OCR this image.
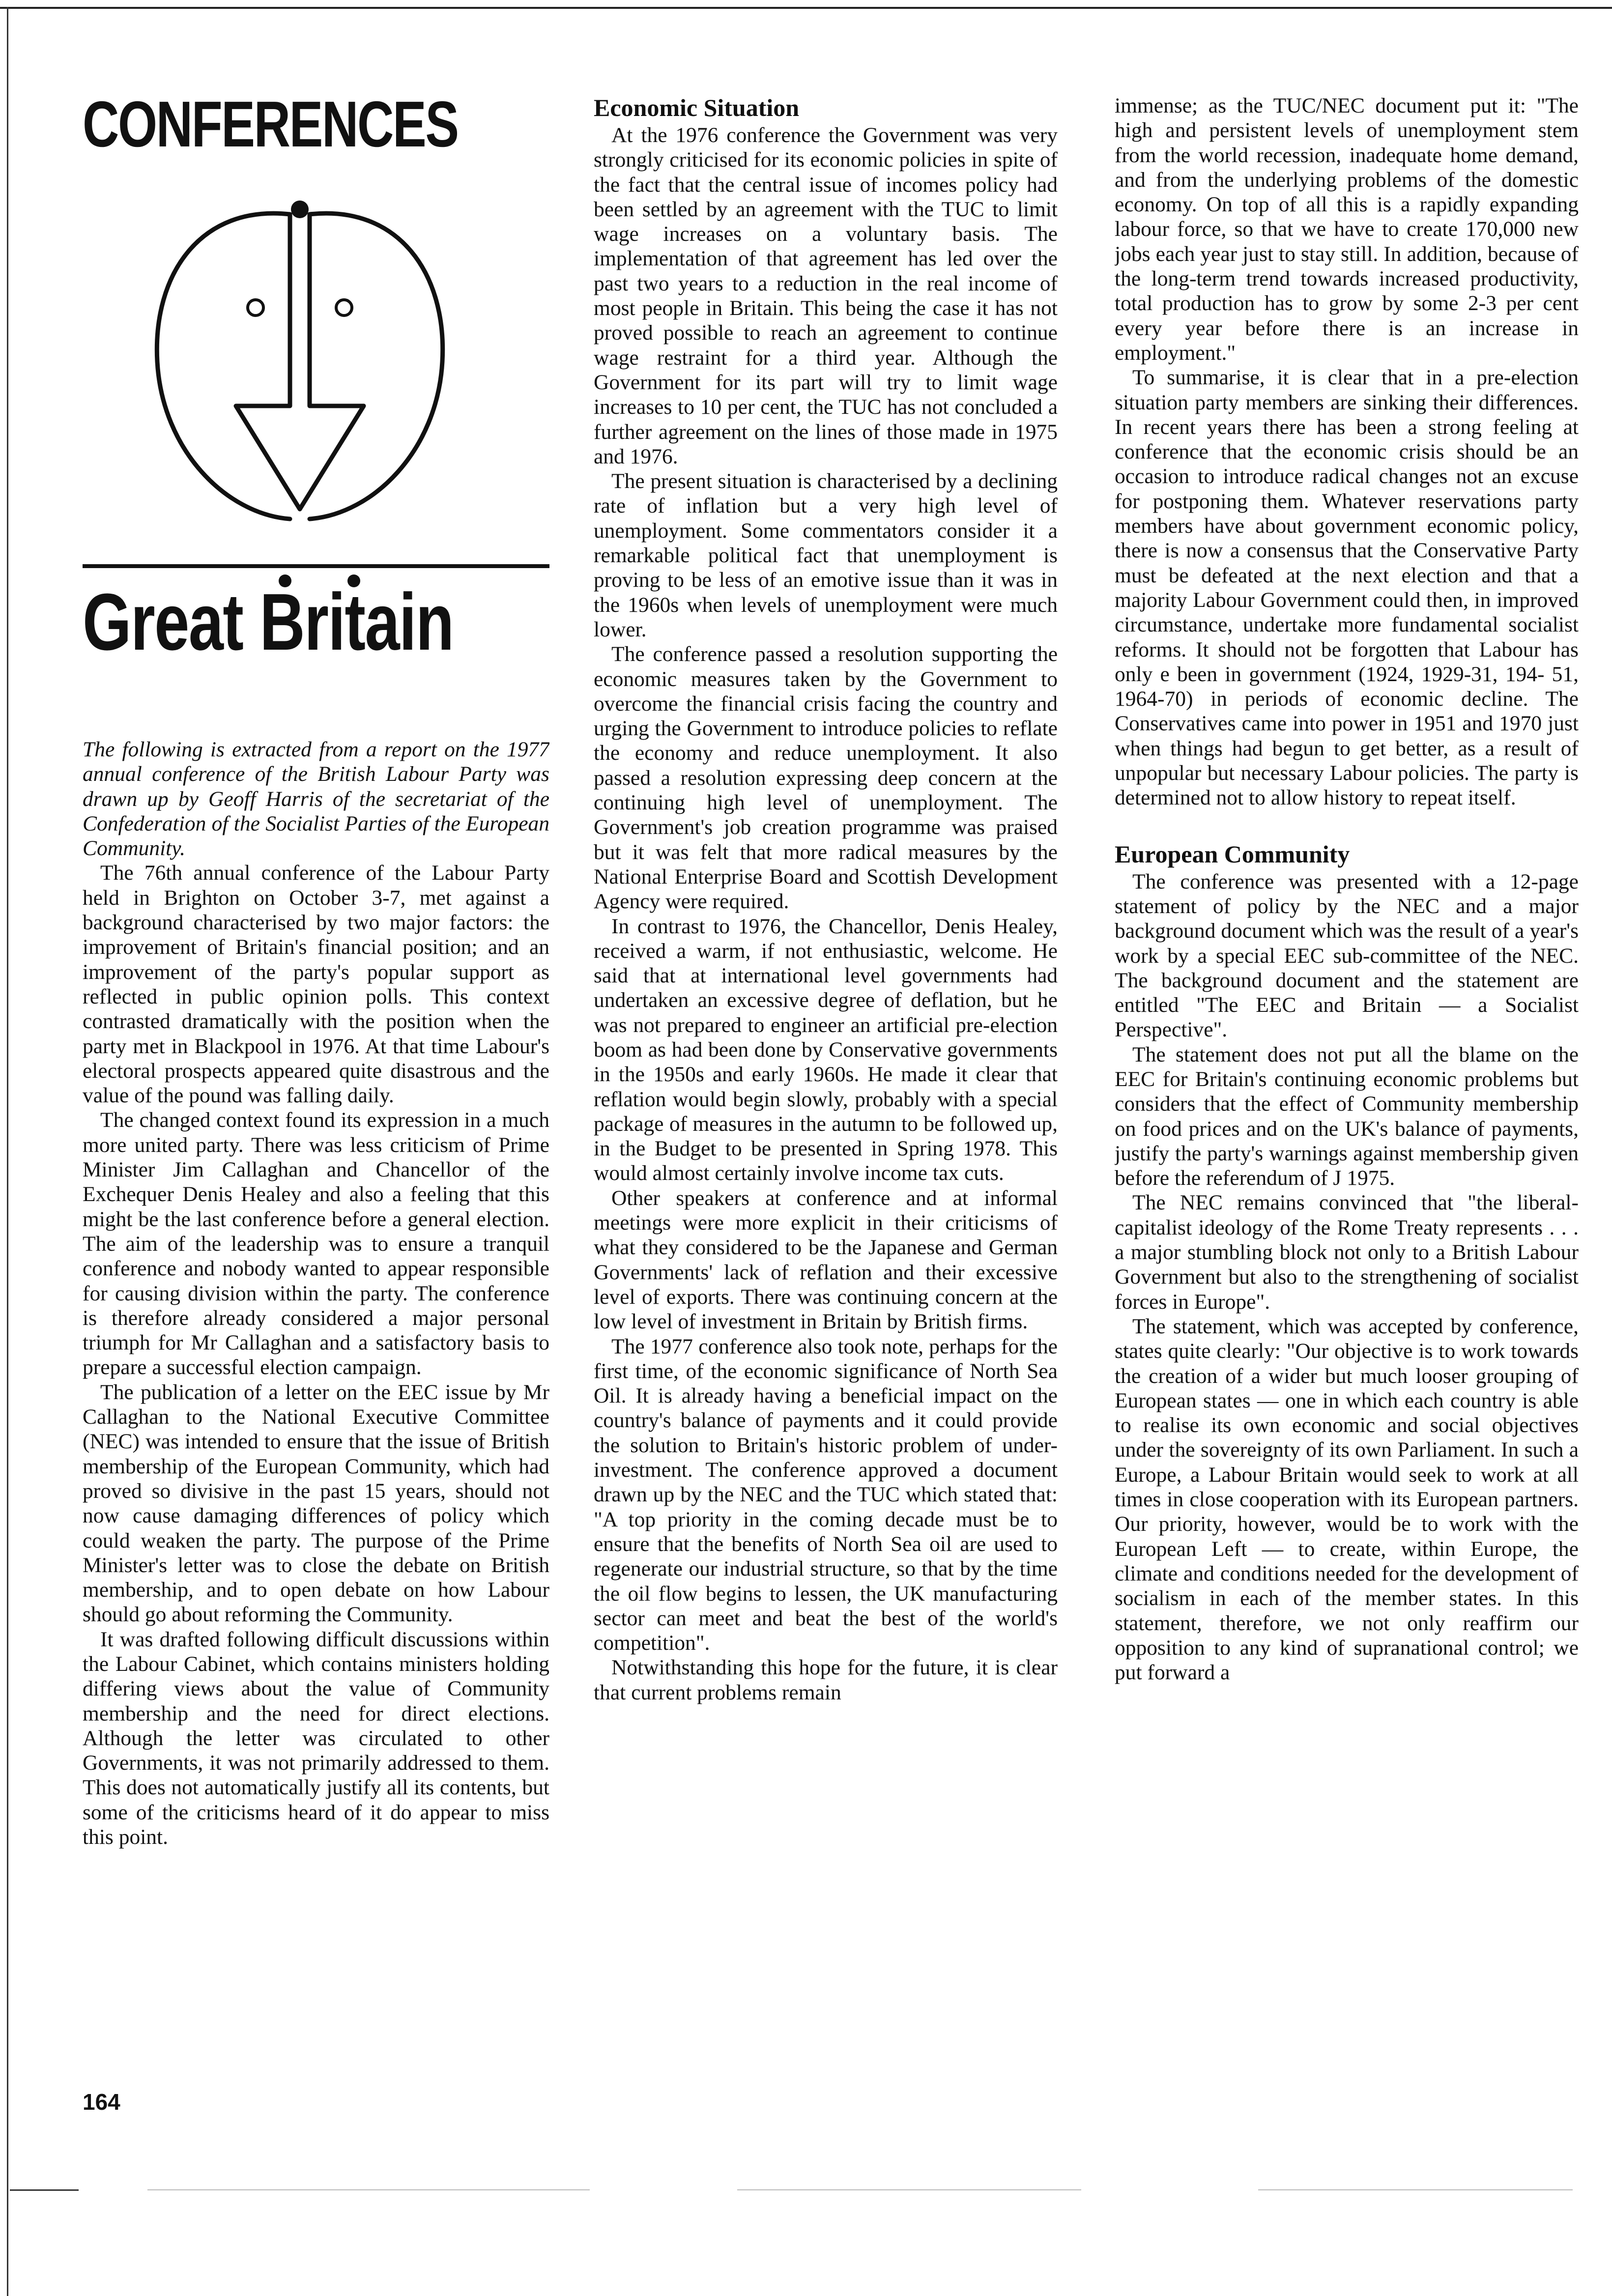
CONFERENCES
Great Britain

The following is extracted from a report on the 1977 annual conference of the British Labour Party was drawn up by Geoff Harris of the secretariat of the Confederation of the Socialist Parties of the European Community.

The 76th annual conference of the Labour Party held in Brighton on October 3-7, met against a background characterised by two major factors: the improvement of Britain's financial position; and an improvement of the party's popular support as reflected in public opinion polls. This context contrasted dramatically with the position when the party met in Blackpool in 1976. At that time Labour's electoral prospects appeared quite disastrous and the value of the pound was falling daily.

The changed context found its expression in a much more united party. There was less criticism of Prime Minister Jim Callaghan and Chancellor of the Exchequer Denis Healey and also a feeling that this might be the last conference before a general election. The aim of the leadership was to ensure a tranquil conference and nobody wanted to appear responsible for causing division within the party. The conference is therefore already considered a major personal triumph for Mr Callaghan and a satisfactory basis to prepare a successful election campaign.

The publication of a letter on the EEC issue by Mr Callaghan to the National Executive Committee (NEC) was intended to ensure that the issue of British membership of the European Community, which had proved so divisive in the past 15 years, should not now cause damaging differences of policy which could weaken the party. The purpose of the Prime Minister's letter was to close the debate on British membership, and to open debate on how Labour should go about reforming the Community.

It was drafted following difficult discussions within the Labour Cabinet, which contains ministers holding differing views about the value of Community membership and the need for direct elections. Although the letter was circulated to other Governments, it was not primarily addressed to them. This does not automatically justify all its contents, but some of the criticisms heard of it do appear to miss this point.

Economic Situation

At the 1976 conference the Government was very strongly criticised for its economic policies in spite of the fact that the central issue of incomes policy had been settled by an agreement with the TUC to limit wage increases on a voluntary basis. The implementation of that agreement has led over the past two years to a reduction in the real income of most people in Britain. This being the case it has not proved possible to reach an agreement to continue wage restraint for a third year. Although the Government for its part will try to limit wage increases to 10 per cent, the TUC has not concluded a further agreement on the lines of those made in 1975 and 1976.

The present situation is characterised by a declining rate of inflation but a very high level of unemployment. Some commentators consider it a remarkable political fact that unemployment is proving to be less of an emotive issue than it was in the 1960s when levels of unemployment were much lower.

The conference passed a resolution supporting the economic measures taken by the Government to overcome the financial crisis facing the country and urging the Government to introduce policies to reflate the economy and reduce unemployment. It also passed a resolution expressing deep concern at the continuing high level of unemployment. The Government's job creation programme was praised but it was felt that more radical measures by the National Enterprise Board and Scottish Development Agency were required.

In contrast to 1976, the Chancellor, Denis Healey, received a warm, if not enthusiastic, welcome. He said that at international level governments had undertaken an excessive degree of deflation, but he was not prepared to engineer an artificial pre-election boom as had been done by Conservative governments in the 1950s and early 1960s. He made it clear that reflation would begin slowly, probably with a special package of measures in the autumn to be followed up, in the Budget to be presented in Spring 1978. This would almost certainly involve income tax cuts.

Other speakers at conference and at informal meetings were more explicit in their criticisms of what they considered to be the Japanese and German Governments' lack of reflation and their excessive level of exports. There was continuing concern at the low level of investment in Britain by British firms.

The 1977 conference also took note, perhaps for the first time, of the economic significance of North Sea Oil. It is already having a beneficial impact on the country's balance of payments and it could provide the solution to Britain's historic problem of under-investment. The conference approved a document drawn up by the NEC and the TUC which stated that: "A top priority in the coming decade must be to ensure that the benefits of North Sea oil are used to regenerate our industrial structure, so that by the time the oil flow begins to lessen, the UK manufacturing sector can meet and beat the best of the world's competition".

Notwithstanding this hope for the future, it is clear that current problems remain

immense; as the TUC/NEC document put it: "The high and persistent levels of unemployment stem from the world recession, inadequate home demand, and from the underlying problems of the domestic economy. On top of all this is a rapidly expanding labour force, so that we have to create 170,000 new jobs each year just to stay still. In addition, because of the long-term trend towards increased productivity, total production has to grow by some 2-3 per cent every year before there is an increase in employment."

To summarise, it is clear that in a pre-election situation party members are sinking their differences. In recent years there has been a strong feeling at conference that the economic crisis should be an occasion to introduce radical changes not an excuse for postponing them. Whatever reservations party members have about government economic policy, there is now a consensus that the Conservative Party must be defeated at the next election and that a majority Labour Government could then, in improved circumstance, undertake more fundamental socialist reforms. It should not be forgotten that Labour has only e been in government (1924, 1929-31, 194- 51, 1964-70) in periods of economic decline. The Conservatives came into power in 1951 and 1970 just when things had begun to get better, as a result of unpopular but necessary Labour policies. The party is determined not to allow history to repeat itself.

European Community

The conference was presented with a 12-page statement of policy by the NEC and a major background document which was the result of a year's work by a special EEC sub-committee of the NEC. The background document and the statement are entitled "The EEC and Britain — a Socialist Perspective".

The statement does not put all the blame on the EEC for Britain's continuing economic problems but considers that the effect of Community membership on food prices and on the UK's balance of payments, justify the party's warnings against membership given before the referendum of J 1975.

The NEC remains convinced that "the liberal-capitalist ideology of the Rome Treaty represents . . . a major stumbling block not only to a British Labour Government but also to the strengthening of socialist forces in Europe".

The statement, which was accepted by conference, states quite clearly: "Our objective is to work towards the creation of a wider but much looser grouping of European states — one in which each country is able to realise its own economic and social objectives under the sovereignty of its own Parliament. In such a Europe, a Labour Britain would seek to work at all times in close cooperation with its European partners. Our priority, however, would be to work with the European Left — to create, within Europe, the climate and conditions needed for the development of socialism in each of the member states. In this statement, therefore, we not only reaffirm our opposition to any kind of supranational control; we put forward a

164
